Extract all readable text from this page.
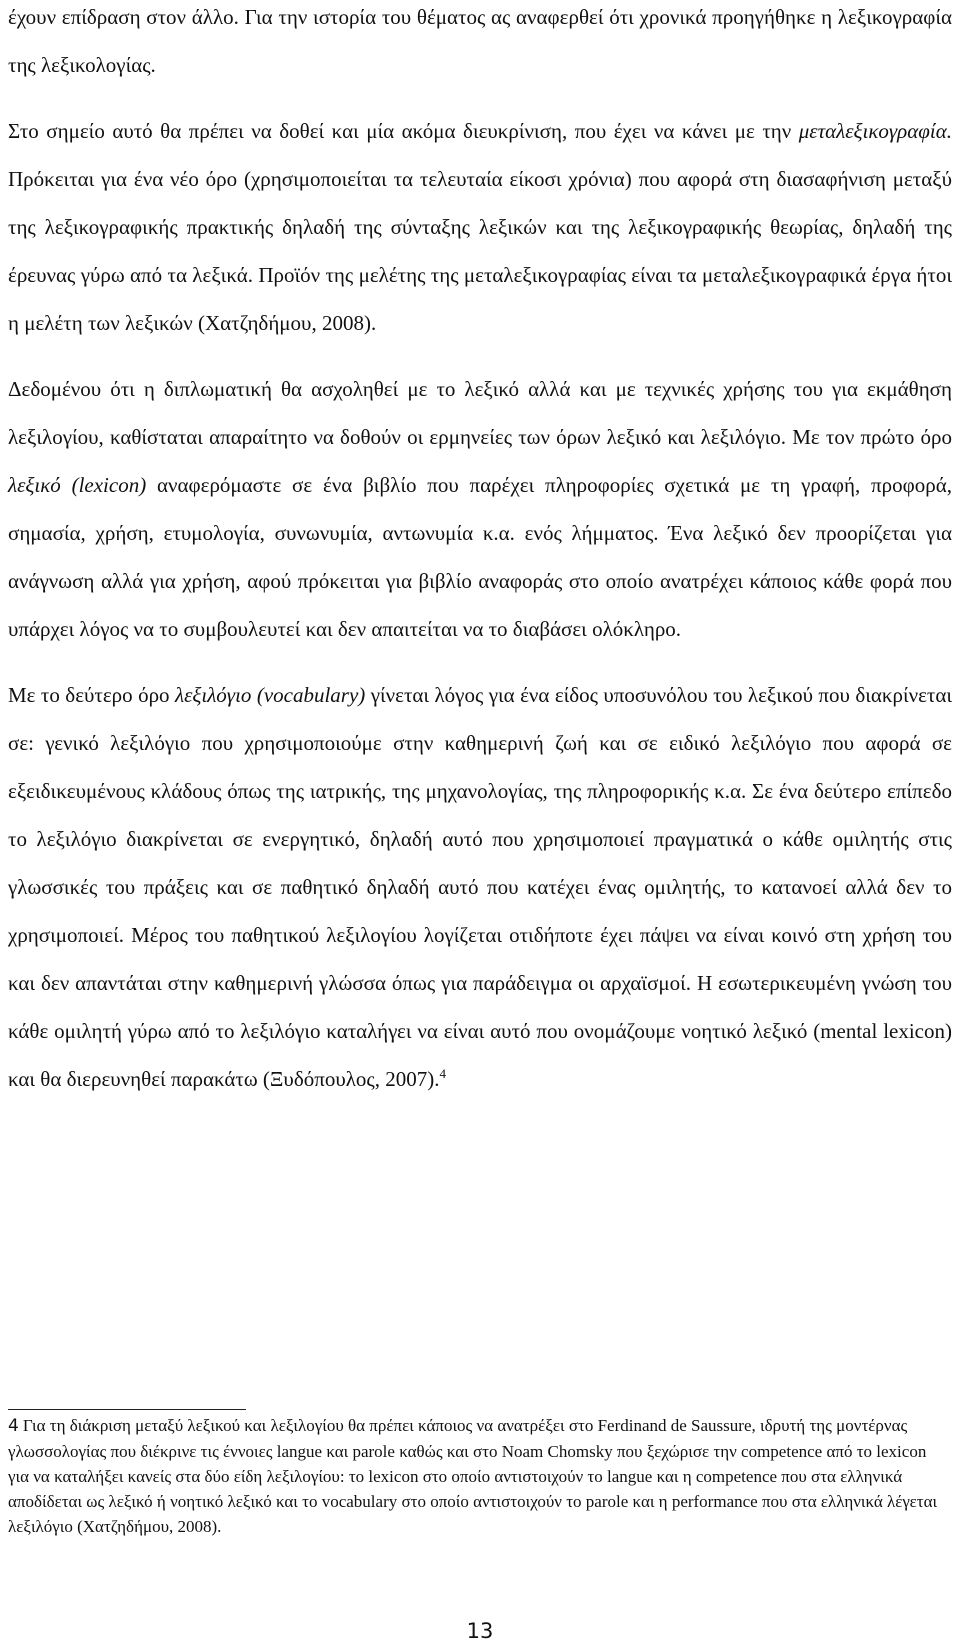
έχουν επίδραση στον άλλο. Για την ιστορία του θέματος ας αναφερθεί ότι χρονικά προηγήθηκε η λεξικογραφία της λεξικολογίας.

Στο σημείο αυτό θα πρέπει να δοθεί και μία ακόμα διευκρίνιση, που έχει να κάνει με την μεταλεξικογραφία. Πρόκειται για ένα νέο όρο (χρησιμοποιείται τα τελευταία είκοσι χρόνια) που αφορά στη διασαφήνιση μεταξύ της λεξικογραφικής πρακτικής δηλαδή της σύνταξης λεξικών και της λεξικογραφικής θεωρίας, δηλαδή της έρευνας γύρω από τα λεξικά. Προϊόν της μελέτης της μεταλεξικογραφίας είναι τα μεταλεξικογραφικά έργα ήτοι η μελέτη των λεξικών (Χατζηδήμου, 2008).

Δεδομένου ότι η διπλωματική θα ασχοληθεί με το λεξικό αλλά και με τεχνικές χρήσης του για εκμάθηση λεξιλογίου, καθίσταται απαραίτητο να δοθούν οι ερμηνείες των όρων λεξικό και λεξιλόγιο. Με τον πρώτο όρο λεξικό (lexicon) αναφερόμαστε σε ένα βιβλίο που παρέχει πληροφορίες σχετικά με τη γραφή, προφορά, σημασία, χρήση, ετυμολογία, συνωνυμία, αντωνυμία κ.α. ενός λήμματος. Ένα λεξικό δεν προορίζεται για ανάγνωση αλλά για χρήση, αφού πρόκειται για βιβλίο αναφοράς στο οποίο ανατρέχει κάποιος κάθε φορά που υπάρχει λόγος να το συμβουλευτεί και δεν απαιτείται να το διαβάσει ολόκληρο.

Με το δεύτερο όρο λεξιλόγιο (vocabulary) γίνεται λόγος για ένα είδος υποσυνόλου του λεξικού που διακρίνεται σε: γενικό λεξιλόγιο που χρησιμοποιούμε στην καθημερινή ζωή και σε ειδικό λεξιλόγιο που αφορά σε εξειδικευμένους κλάδους όπως της ιατρικής, της μηχανολογίας, της πληροφορικής κ.α. Σε ένα δεύτερο επίπεδο το λεξιλόγιο διακρίνεται σε ενεργητικό, δηλαδή αυτό που χρησιμοποιεί πραγματικά ο κάθε ομιλητής στις γλωσσικές του πράξεις και σε παθητικό δηλαδή αυτό που κατέχει ένας ομιλητής, το κατανοεί αλλά δεν το χρησιμοποιεί. Μέρος του παθητικού λεξιλογίου λογίζεται οτιδήποτε έχει πάψει να είναι κοινό στη χρήση του και δεν απαντάται στην καθημερινή γλώσσα όπως για παράδειγμα οι αρχαϊσμοί. Η εσωτερικευμένη γνώση του κάθε ομιλητή γύρω από το λεξιλόγιο καταλήγει να είναι αυτό που ονομάζουμε νοητικό λεξικό (mental lexicon) και θα διερευνηθεί παρακάτω (Ξυδόπουλος, 2007).$^4$

4 Για τη διάκριση μεταξύ λεξικού και λεξιλογίου θα πρέπει κάποιος να ανατρέξει στο Ferdinand de Saussure, ιδρυτή της μοντέρνας γλωσσολογίας που διέκρινε τις έννοιες langue και parole καθώς και στο Noam Chomsky που ξεχώρισε την competence από το lexicon για να καταλήξει κανείς στα δύο είδη λεξιλογίου: το lexicon στο οποίο αντιστοιχούν το langue και η competence που στα ελληνικά αποδίδεται ως λεξικό ή νοητικό λεξικό και το vocabulary στο οποίο αντιστοιχούν το parole και η performance που στα ελληνικά λέγεται λεξιλόγιο (Χατζηδήμου, 2008).
13
